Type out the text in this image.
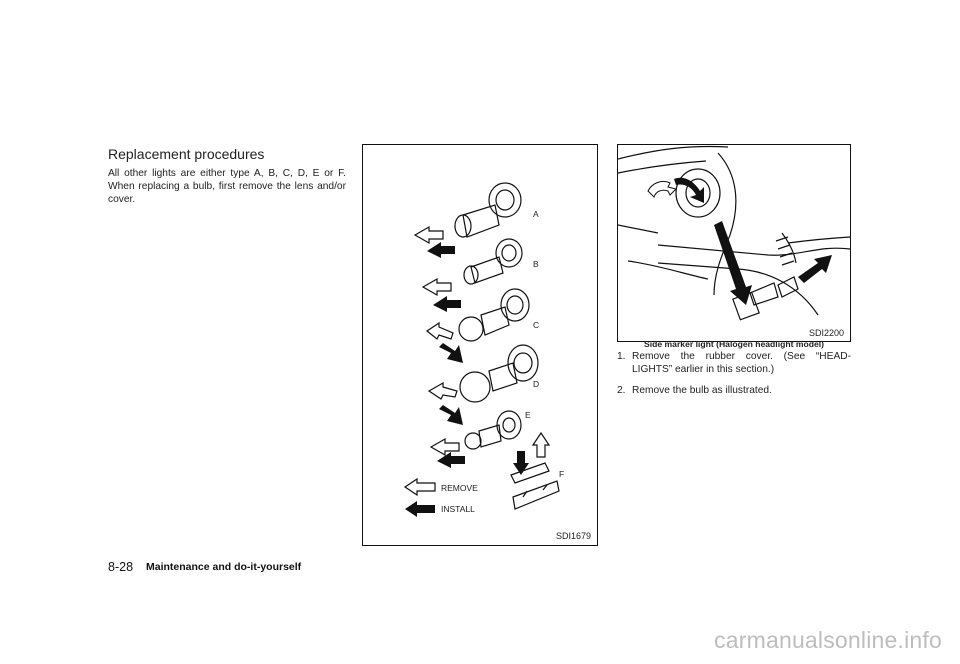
Replacement procedures
All other lights are either type A, B, C, D, E or F. When replacing a bulb, first remove the lens and/or cover.
A
B
C
D
E
F
REMOVE
INSTALL
SDI1679
SDI2200
Side marker light (Halogen headlight model)
1. Remove the rubber cover. (See “HEAD-LIGHTS” earlier in this section.)
2. Remove the bulb as illustrated.
8-28 Maintenance and do-it-yourself
carmanualsonline.info
